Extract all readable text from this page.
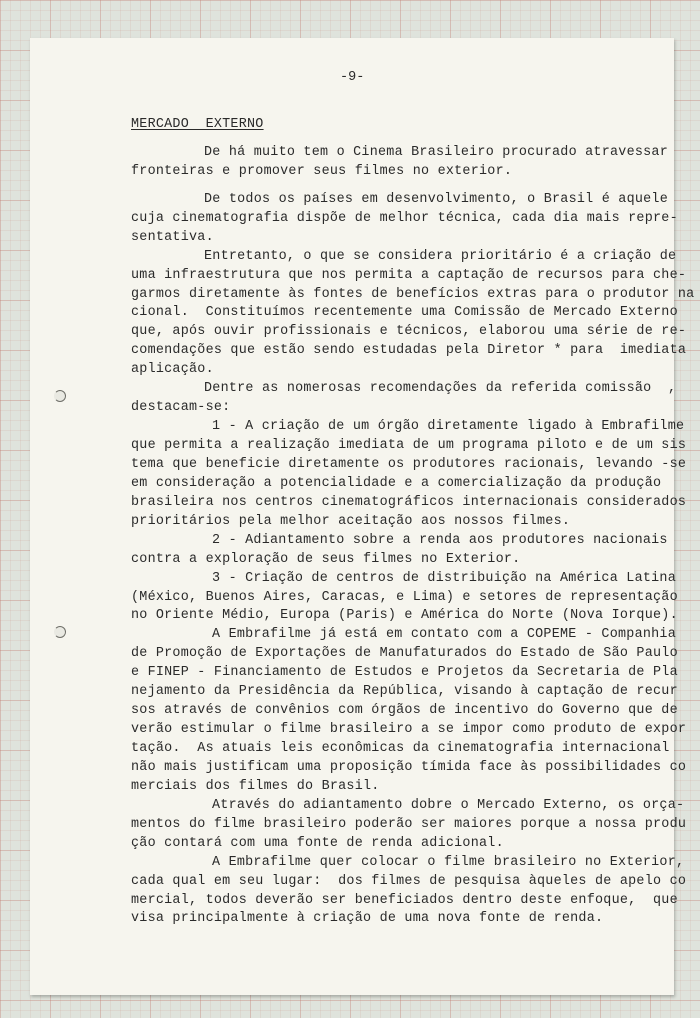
-9-
MERCADO  EXTERNO
De há muito tem o Cinema Brasileiro procurado atravessar
fronteiras e promover seus filmes no exterior.
De todos os países em desenvolvimento, o Brasil é aquele
cuja cinematografia dispõe de melhor técnica, cada dia mais repre-
sentativa.
Entretanto, o que se considera prioritário é a criação de
uma infraestrutura que nos permita a captação de recursos para che-
garmos diretamente às fontes de benefícios extras para o produtor na
cional.  Constituímos recentemente uma Comissão de Mercado Externo
que, após ouvir profissionais e técnicos, elaborou uma série de re-
comendações que estão sendo estudadas pela Diretor * para  imediata
aplicação.
Dentre as nomerosas recomendações da referida comissão  ,
destacam-se:
1 - A criação de um órgão diretamente ligado à Embrafilme
que permita a realização imediata de um programa piloto e de um sis
tema que beneficie diretamente os produtores racionais, levando -se
em consideração a potencialidade e a comercialização da produção
brasileira nos centros cinematográficos internacionais considerados
prioritários pela melhor aceitação aos nossos filmes.
2 - Adiantamento sobre a renda aos produtores nacionais
contra a exploração de seus filmes no Exterior.
3 - Criação de centros de distribuição na América Latina
(México, Buenos Aires, Caracas, e Lima) e setores de representação
no Oriente Médio, Europa (Paris) e América do Norte (Nova Iorque).
A Embrafilme já está em contato com a COPEME - Companhia
de Promoção de Exportações de Manufaturados do Estado de São Paulo
e FINEP - Financiamento de Estudos e Projetos da Secretaria de Pla
nejamento da Presidência da República, visando à captação de recur
sos através de convênios com órgãos de incentivo do Governo que de
verão estimular o filme brasileiro a se impor como produto de expor
tação.  As atuais leis econômicas da cinematografia internacional
não mais justificam uma proposição tímida face às possibilidades co
merciais dos filmes do Brasil.
Através do adiantamento dobre o Mercado Externo, os orça-
mentos do filme brasileiro poderão ser maiores porque a nossa produ
ção contará com uma fonte de renda adicional.
A Embrafilme quer colocar o filme brasileiro no Exterior,
cada qual em seu lugar:  dos filmes de pesquisa àqueles de apelo co
mercial, todos deverão ser beneficiados dentro deste enfoque,  que
visa principalmente à criação de uma nova fonte de renda.
